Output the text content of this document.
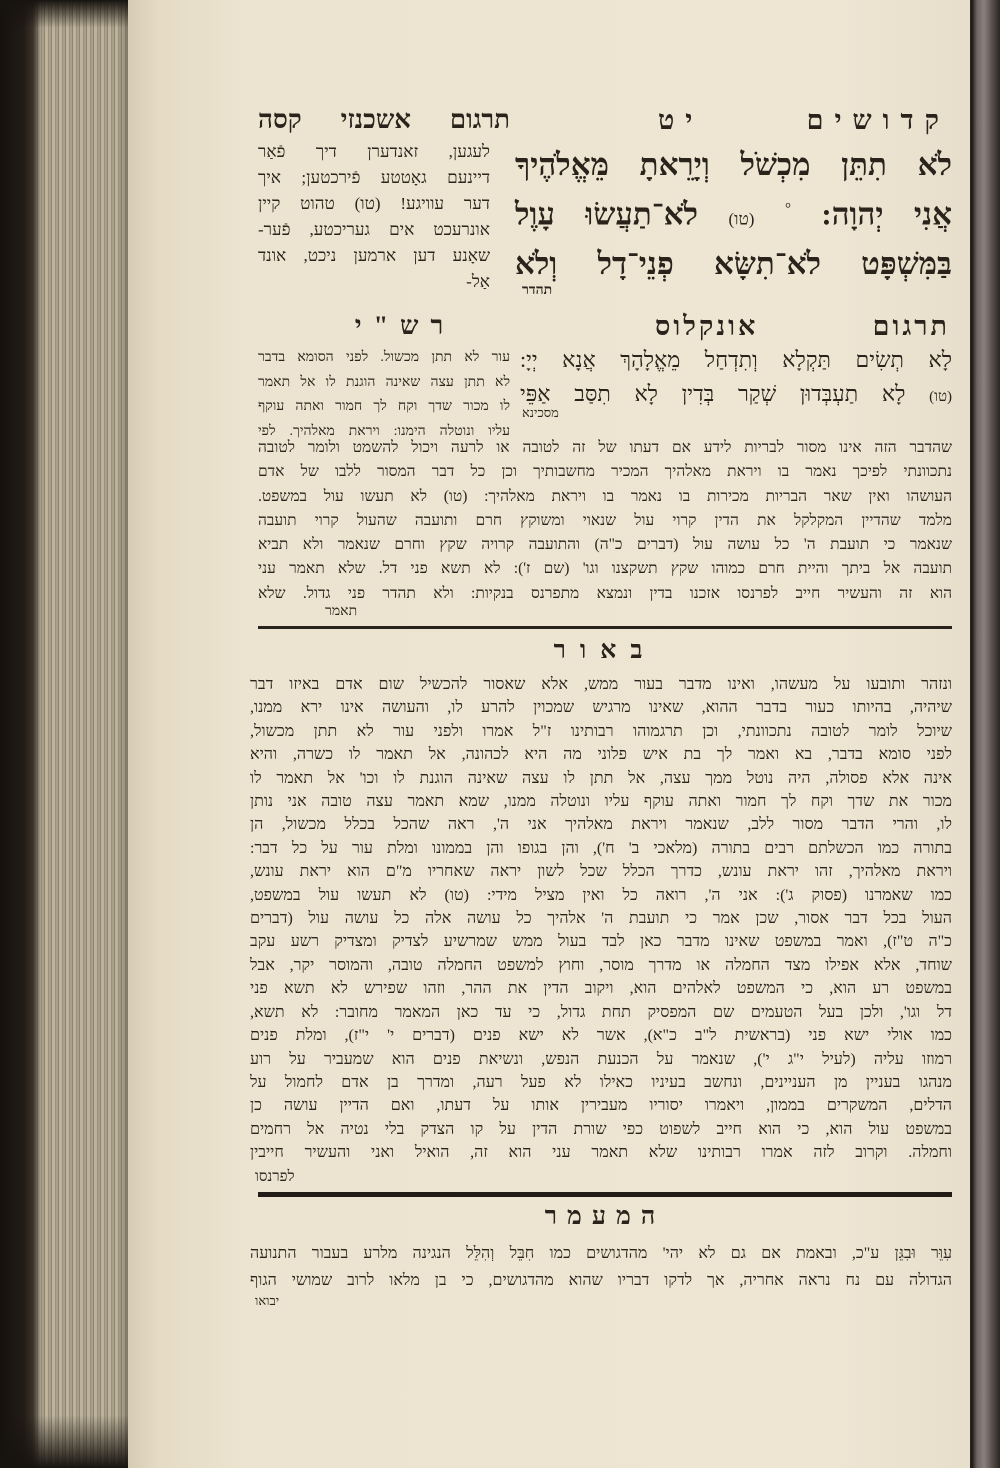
קדושים יט
תרגום אשכנזי קסה
לֹא תִתֵּן מִכְשֹׁל וְיָרֵאתָ מֵּאֱלֹהֶיךָ
אֲנִי יְהוָה: ° (טו) לֹא־תַעֲשׂוּ עָוֶל
בַּמִּשְׁפָּט לֹא־תִשָּׂא פְנֵי־דָל וְלֹא
תהדר
לעגען, זאנדערן דיך פֿאַר
דיינעם גאָטטע פֿירכטען; איך
דער עוויגע! (טו) טהוט קיין
אונרעכט אים געריכטע, פֿער-
שאָנע דען ארמען ניכט, אונד
אַל-
תרגום אונקלוס
לָא תְשִׂים תַּקְלָא וְתִדְחַל מֵאֱלָהָךְ אֲנָא יְיָ:
(טו) לָא תַעְבְּדוּן שְׁקַר בְּדִין לָא תִסַּב אַפֵּי
מסכינא
רש"י
עור לא תתן מכשול. לפני הסומא בדבר
לא תתן עצה שאינה הוגנת לו אל תאמר
לו מכור שדך וקח לך חמור ואתה עוקף
עליו ונוטלה הימנו: ויראת מאלהיך. לפי
שהדבר הזה אינו מסור לבריות לידע אם דעתו של זה לטובה או לרעה ויכול להשמט ולומר לטובה
נתכוונתי לפיכך נאמר בו ויראת מאלהיך המכיר מחשבותיך וכן כל דבר המסור ללבו של אדם
העושהו ואין שאר הבריות מכירות בו נאמר בו ויראת מאלהיך: (טו) לא תעשו עול במשפט.
מלמד שהדיין המקלקל את הדין קרוי עול שנאוי ומשוקץ חרם ותועבה שהעול קרוי תועבה
שנאמר כי תועבת ה' כל עושה עול (דברים כ"ה) והתועבה קרויה שקץ וחרם שנאמר ולא תביא
תועבה אל ביתך והיית חרם כמוהו שקץ תשקצנו וגו' (שם ז'): לא תשא פני דל. שלא תאמר עני
הוא זה והעשיר חייב לפרנסו אזכנו בדין ונמצא מתפרנס בנקיות: ולא תהדר פני גדול. שלא
תאמר
באור
ונזהר ותובעו על מעשהו, ואינו מדבר בעור ממש, אלא שאסור להכשיל שום אדם באיזו דבר
שיהיה, בהיותו כעור בדבר ההוא, שאינו מרגיש שמכוין להרע לו, והעושה אינו ירא ממנו,
שיוכל לומר לטובה נתכוונתי, וכן תרגמוהו רבותינו ז"ל אמרו ולפני עור לא תתן מכשול,
לפני סומא בדבר, בא ואמר לך בת איש פלוני מה היא לכהונה, אל תאמר לו כשרה, והיא
אינה אלא פסולה, היה נוטל ממך עצה, אל תתן לו עצה שאינה הוגנת לו וכו' אל תאמר לו
מכור את שדך וקח לך חמור ואתה עוקף עליו ונוטלה ממנו, שמא תאמר עצה טובה אני נותן
לו, והרי הדבר מסור ללב, שנאמר ויראת מאלהיך אני ה', ראה שהכל בכלל מכשול, הן
בתורה כמו הכשלתם רבים בתורה (מלאכי ב' ח'), והן בגופו והן בממונו ומלת עור על כל דבר:
ויראת מאלהיך, זהו יראת עונש, כדרך הכלל שכל לשון יראה שאחריו מ"ם הוא יראת עונש,
כמו שאמרנו (פסוק ג'): אני ה', רואה כל ואין מציל מידי: (טו) לא תעשו עול במשפט,
העול בכל דבר אסור, שכן אמר כי תועבת ה' אלהיך כל עושה אלה כל עושה עול (דברים
כ"ה ט"ז), ואמר במשפט שאינו מדבר כאן לבד בעול ממש שמרשיע לצדיק ומצדיק רשע עקב
שוחד, אלא אפילו מצד החמלה או מדרך מוסר, וחוץ למשפט החמלה טובה, והמוסר יקר, אבל
במשפט רע הוא, כי המשפט לאלהים הוא, ויקוב הדין את ההר, וזהו שפירש לא תשא פני
דל וגו', ולכן בעל הטעמים שם המפסיק תחת גדול, כי עד כאן המאמר מחובר: לא תשא,
כמו אולי ישא פני (בראשית ל"ב כ"א), אשר לא ישא פנים (דברים י' י"ז), ומלת פנים
רמוזו עליה (לעיל י"ג י'), שנאמר על הכנעת הנפש, ונשיאת פנים הוא שמעביר על רוע
מנהגו בעניין מן העניינים, ונחשב בעיניו כאילו לא פעל רעה, ומדרך בן אדם לחמול על
הדלים, המשקרים בממון, ויאמרו יסוריו מעבירין אותו על דעתו, ואם הדיין עושה כן
במשפט עול הוא, כי הוא חייב לשפוט כפי שורת הדין על קו הצדק בלי נטיה אל רחמים
וחמלה. וקרוב לזה אמרו רבותינו שלא תאמר עני הוא זה, הואיל ואני והעשיר חייבין
לפרנסו
המעמר
עִוֵּר וּבִגֵּן ע"כ, ובאמת אם גם לא יהי' מהדגושים כמו חִבֵּל וְהִלֵּל הנגינה מלרע בעבור התנועה
הגדולה עם נח נראה אחריה, אך לדקו דבריו שהוא מהדגושים, כי בן מלאו לרוב שמושי הגוף
יבואו
